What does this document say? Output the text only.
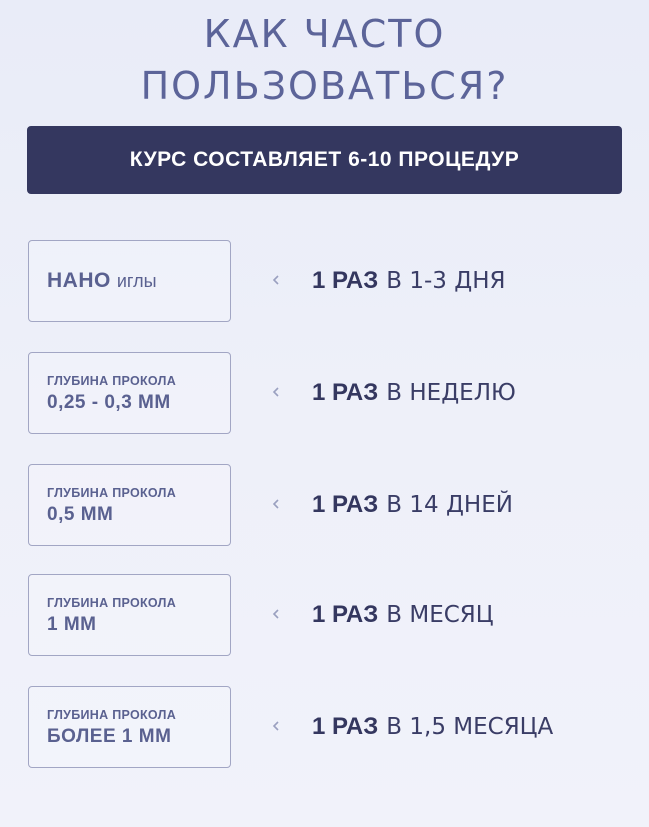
КАК ЧАСТО
ПОЛЬЗОВАТЬСЯ?
КУРС СОСТАВЛЯЕТ 6-10 ПРОЦЕДУР
НАНО иглы	1 РАЗ В 1-3 ДНЯ
ГЛУБИНА ПРОКОЛА
0,25 - 0,3 ММ	1 РАЗ В НЕДЕЛЮ
ГЛУБИНА ПРОКОЛА
0,5 ММ	1 РАЗ В 14 ДНЕЙ
ГЛУБИНА ПРОКОЛА
1 ММ	1 РАЗ В МЕСЯЦ
ГЛУБИНА ПРОКОЛА
БОЛЕЕ 1 ММ	1 РАЗ В 1,5 МЕСЯЦА
